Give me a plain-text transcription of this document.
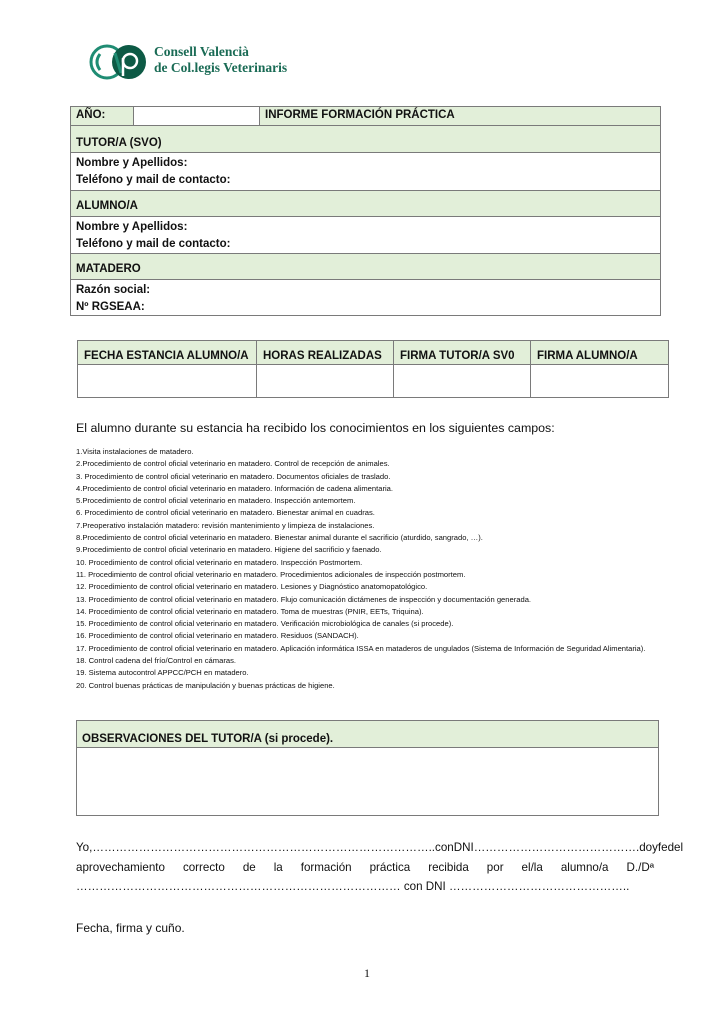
Consell Valencià
de Col.legis Veterinaris
AÑO:	INFORME FORMACIÓN PRÁCTICA
TUTOR/A (SVO)
Nombre y Apellidos:
Teléfono y mail de contacto:
ALUMNO/A
Nombre y Apellidos:
Teléfono y mail de contacto:
MATADERO
Razón social:
Nº RGSEAA:
FECHA ESTANCIA ALUMNO/A	HORAS REALIZADAS	FIRMA TUTOR/A SV0	FIRMA ALUMNO/A

El alumno durante su estancia ha recibido los conocimientos en los siguientes campos:
1.Visita instalaciones de matadero.
2.Procedimiento de control oficial veterinario en matadero. Control de recepción de animales.
3. Procedimiento de control oficial veterinario en matadero. Documentos oficiales de traslado.
4.Procedimiento de control oficial veterinario en matadero. Información de cadena alimentaria.
5.Procedimiento de control oficial veterinario en matadero. Inspección antemortem.
6. Procedimiento de control oficial veterinario en matadero. Bienestar animal en cuadras.
7.Preoperativo instalación matadero: revisión mantenimiento y limpieza de instalaciones.
8.Procedimiento de control oficial veterinario en matadero. Bienestar animal durante el sacrificio (aturdido, sangrado, …).
9.Procedimiento de control oficial veterinario en matadero. Higiene del sacrificio y faenado.
10. Procedimiento de control oficial veterinario en matadero. Inspección Postmortem.
11. Procedimiento de control oficial veterinario en matadero. Procedimientos adicionales de inspección postmortem.
12. Procedimiento de control oficial veterinario en matadero. Lesiones y Diagnóstico anatomopatológico.
13. Procedimiento de control oficial veterinario en matadero. Flujo comunicación dictámenes de inspección y documentación generada.
14. Procedimiento de control oficial veterinario en matadero. Toma de muestras (PNIR, EETs, Triquina).
15. Procedimiento de control oficial veterinario en matadero. Verificación microbiológica de canales (si procede).
16. Procedimiento de control oficial veterinario en matadero. Residuos (SANDACH).
17. Procedimiento de control oficial veterinario en matadero. Aplicación informática ISSA en mataderos de ungulados (Sistema de Información de Seguridad Alimentaria).
18. Control cadena del frío/Control en cámaras.
19. Sistema autocontrol APPCC/PCH en matadero.
20. Control buenas prácticas de manipulación y buenas prácticas de higiene.
OBSERVACIONES DEL TUTOR/A (si procede).
Yo, …………………………………………………………………………….. con DNI …………………………………….doy fe del
aprovechamiento correcto de la formación práctica recibida por el/la alumno/a D./Dª
………………………………………………………………………… con DNI ………………………………………..
Fecha, firma y cuño.
1
